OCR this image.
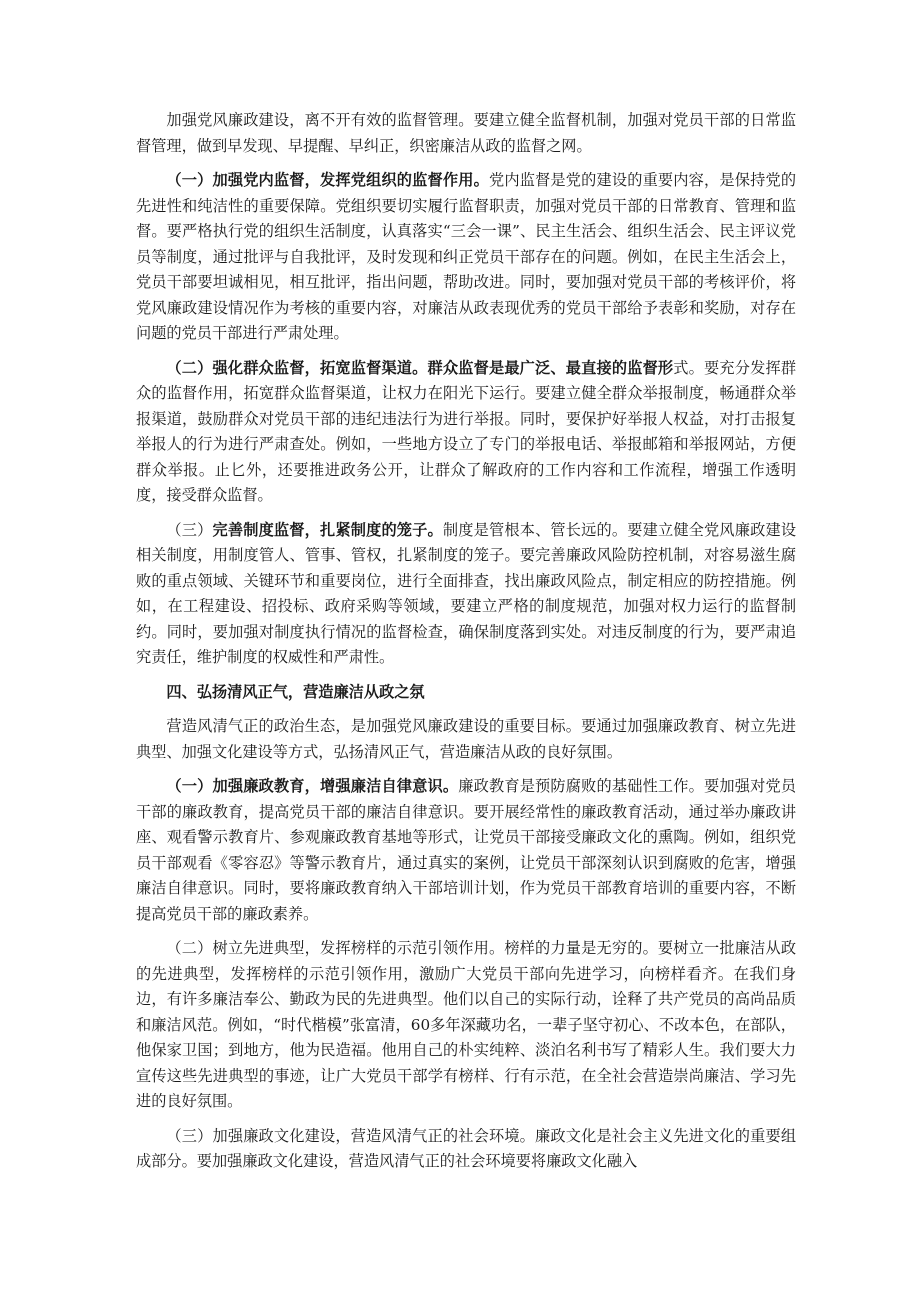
加强党风廉政建设，离不开有效的监督管理。要建立健全监督机制，加强对党员干部的日常监督管理，做到早发现、早提醒、早纠正，织密廉洁从政的监督之网。

（一）加强党内监督，发挥党组织的监督作用。党内监督是党的建设的重要内容，是保持党的先进性和纯洁性的重要保障。党组织要切实履行监督职责，加强对党员干部的日常教育、管理和监督。要严格执行党的组织生活制度，认真落实“三会一课”、民主生活会、组织生活会、民主评议党员等制度，通过批评与自我批评，及时发现和纠正党员干部存在的问题。例如，在民主生活会上，党员干部要坦诚相见，相互批评，指出问题，帮助改进。同时，要加强对党员干部的考核评价，将党风廉政建设情况作为考核的重要内容，对廉洁从政表现优秀的党员干部给予表彰和奖励，对存在问题的党员干部进行严肃处理。

（二）强化群众监督，拓宽监督渠道。群众监督是最广泛、最直接的监督形式。要充分发挥群众的监督作用，拓宽群众监督渠道，让权力在阳光下运行。要建立健全群众举报制度，畅通群众举报渠道，鼓励群众对党员干部的违纪违法行为进行举报。同时，要保护好举报人权益，对打击报复举报人的行为进行严肃查处。例如，一些地方设立了专门的举报电话、举报邮箱和举报网站，方便群众举报。止匕外，还要推进政务公开，让群众了解政府的工作内容和工作流程，增强工作透明度，接受群众监督。

（三）完善制度监督，扎紧制度的笼子。制度是管根本、管长远的。要建立健全党风廉政建设相关制度，用制度管人、管事、管权，扎紧制度的笼子。要完善廉政风险防控机制，对容易滋生腐败的重点领域、关键环节和重要岗位，进行全面排查，找出廉政风险点，制定相应的防控措施。例如，在工程建设、招投标、政府采购等领域，要建立严格的制度规范，加强对权力运行的监督制约。同时，要加强对制度执行情况的监督检查，确保制度落到实处。对违反制度的行为，要严肃追究责任，维护制度的权威性和严肃性。

四、弘扬清风正气，营造廉洁从政之氛

营造风清气正的政治生态，是加强党风廉政建设的重要目标。要通过加强廉政教育、树立先进典型、加强文化建设等方式，弘扬清风正气，营造廉洁从政的良好氛围。

（一）加强廉政教育，增强廉洁自律意识。廉政教育是预防腐败的基础性工作。要加强对党员干部的廉政教育，提高党员干部的廉洁自律意识。要开展经常性的廉政教育活动，通过举办廉政讲座、观看警示教育片、参观廉政教育基地等形式，让党员干部接受廉政文化的熏陶。例如，组织党员干部观看《零容忍》等警示教育片，通过真实的案例，让党员干部深刻认识到腐败的危害，增强廉洁自律意识。同时，要将廉政教育纳入干部培训计划，作为党员干部教育培训的重要内容，不断提高党员干部的廉政素养。

（二）树立先进典型，发挥榜样的示范引领作用。榜样的力量是无穷的。要树立一批廉洁从政的先进典型，发挥榜样的示范引领作用，激励广大党员干部向先进学习，向榜样看齐。在我们身边，有许多廉洁奉公、勤政为民的先进典型。他们以自己的实际行动，诠释了共产党员的高尚品质和廉洁风范。例如，“时代楷模”张富清，60多年深藏功名，一辈子坚守初心、不改本色，在部队，他保家卫国；到地方，他为民造福。他用自己的朴实纯粹、淡泊名利书写了精彩人生。我们要大力宣传这些先进典型的事迹，让广大党员干部学有榜样、行有示范，在全社会营造崇尚廉洁、学习先进的良好氛围。

（三）加强廉政文化建设，营造风清气正的社会环境。廉政文化是社会主义先进文化的重要组成部分。要加强廉政文化建设，营造风清气正的社会环境要将廉政文化融入
